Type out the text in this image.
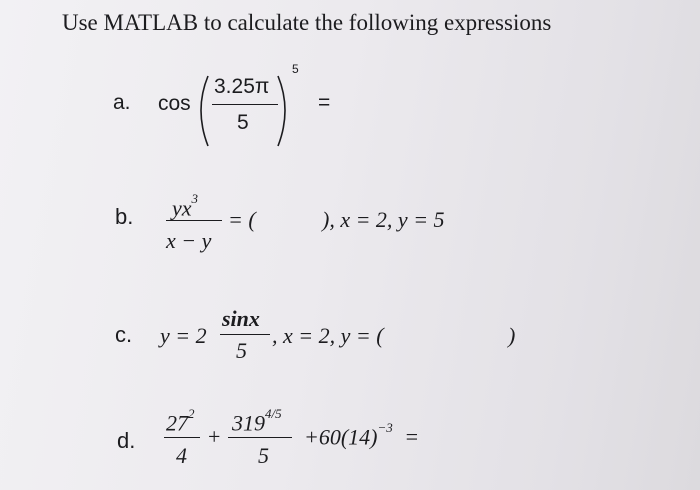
Use MATLAB to calculate the following expressions
a. cos
3.25π
5
5
=
b. $yx^3$
x − y
= (	), x = 2, y = 5
c. y = 2
sinx
5
, x = 2, y = (	)
d.
$27^2$
4
+
$319^{4/5}$
5
$+60(14)^{-3}$ =
